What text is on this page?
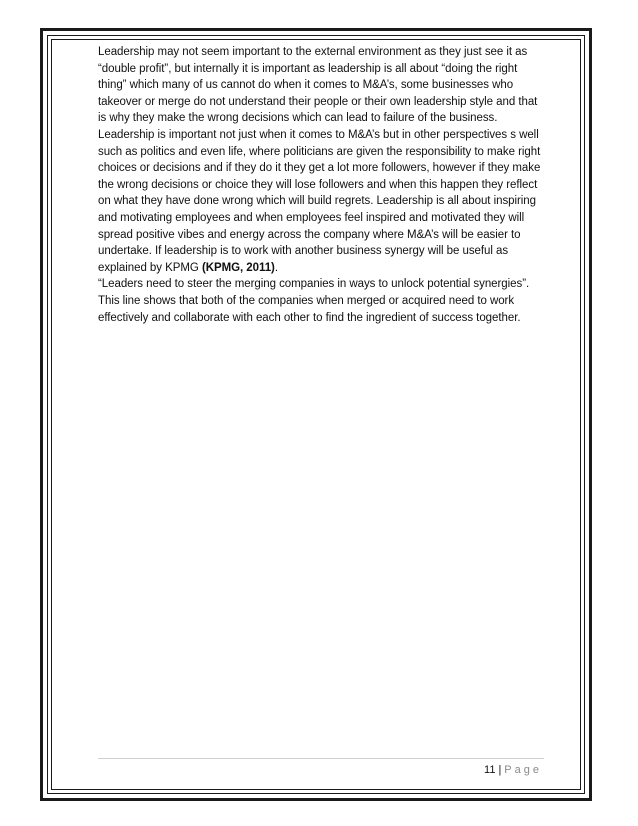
Leadership may not seem important to the external environment as they just see it as “double profit”, but internally it is important as leadership is all about “doing the right thing” which many of us cannot do when it comes to M&A’s, some businesses who takeover or merge do not understand their people or their own leadership style and that is why they make the wrong decisions which can lead to failure of the business. Leadership is important not just when it comes to M&A’s but in other perspectives s well such as politics and even life, where politicians are given the responsibility to make right choices or decisions and if they do it they get a lot more followers, however if they make the wrong decisions or choice they will lose followers and when this happen they reflect on what they have done wrong which will build regrets. Leadership is all about inspiring and motivating employees and when employees feel inspired and motivated they will spread positive vibes and energy across the company where M&A’s will be easier to undertake. If leadership is to work with another business synergy will be useful as explained by KPMG (KPMG, 2011).

“Leaders need to steer the merging companies in ways to unlock potential synergies”. This line shows that both of the companies when merged or acquired need to work effectively and collaborate with each other to find the ingredient of success together.

11 | Page
